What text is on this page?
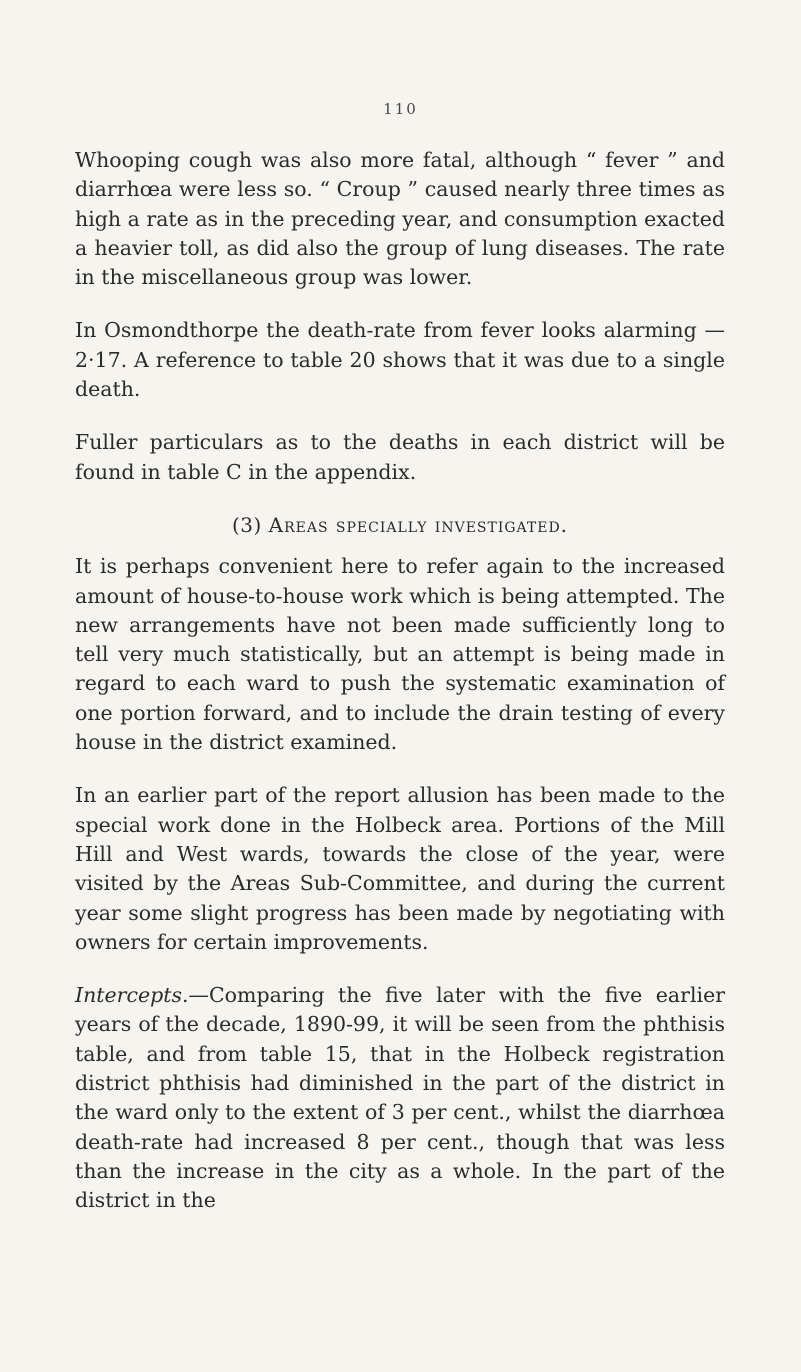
110

Whooping cough was also more fatal, although “ fever ” and diarrhœa were less so. “ Croup ” caused nearly three times as high a rate as in the preceding year, and consumption exacted a heavier toll, as did also the group of lung diseases. The rate in the miscellaneous group was lower.

In Osmondthorpe the death-rate from fever looks alarming —2·17. A reference to table 20 shows that it was due to a single death.

Fuller particulars as to the deaths in each district will be found in table C in the appendix.

(3) Areas specially investigated.

It is perhaps convenient here to refer again to the increased amount of house-to-house work which is being attempted. The new arrangements have not been made sufficiently long to tell very much statistically, but an attempt is being made in regard to each ward to push the systematic examination of one portion forward, and to include the drain testing of every house in the district examined.

In an earlier part of the report allusion has been made to the special work done in the Holbeck area. Portions of the Mill Hill and West wards, towards the close of the year, were visited by the Areas Sub-Committee, and during the current year some slight progress has been made by negotiating with owners for certain improvements.

Intercepts.—Comparing the five later with the five earlier years of the decade, 1890-99, it will be seen from the phthisis table, and from table 15, that in the Holbeck registration district phthisis had diminished in the part of the district in the ward only to the extent of 3 per cent., whilst the diarrhœa death-rate had increased 8 per cent., though that was less than the increase in the city as a whole. In the part of the district in the
